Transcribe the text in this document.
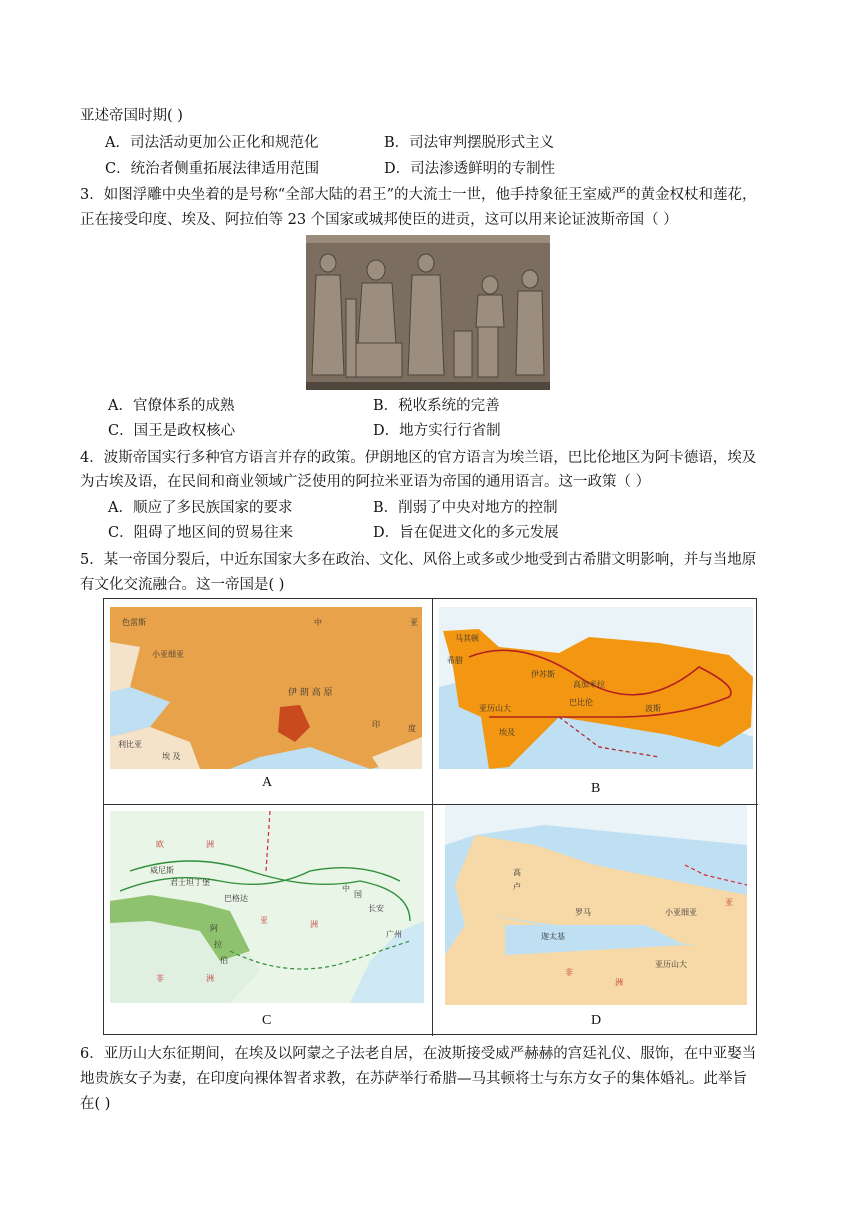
亚述帝国时期( )
A．司法活动更加公正化和规范化	B．司法审判摆脱形式主义
C．统治者侧重拓展法律适用范围	D．司法渗透鲜明的专制性
3．如图浮雕中央坐着的是号称“全部大陆的君王”的大流士一世，他手持象征王室威严的黄金权杖和莲花，
正在接受印度、埃及、阿拉伯等 23 个国家或城邦使臣的进贡，这可以用来论证波斯帝国（ ）
A．官僚体系的成熟	B．税收系统的完善
C．国王是政权核心	D．地方实行行省制
4．波斯帝国实行多种官方语言并存的政策。伊朗地区的官方语言为埃兰语，巴比伦地区为阿卡德语，埃及
为古埃及语，在民间和商业领域广泛使用的阿拉米亚语为帝国的通用语言。这一政策（ ）
A．顺应了多民族国家的要求	B．削弱了中央对地方的控制
C．阻碍了地区间的贸易往来	D．旨在促进文化的多元发展
5．某一帝国分裂后，中近东国家大多在政治、文化、风俗上或多或少地受到古希腊文明影响，并与当地原
有文化交流融合。这一帝国是( )
色雷斯
小亚细亚
中	亚
伊 朗 高 原
利比亚
埃 及
印	度
A
马其顿
希腊
伊苏斯
高加米拉
巴比伦
亚历山大
埃及
波斯
B
欧	洲
威尼斯
君士坦丁堡
巴格达
阿
拉
伯
亚	洲
中
国
长安
非	洲
广州
C
高
卢
罗马
迦太基
小亚细亚
亚
非
洲
亚历山大
D
6．亚历山大东征期间，在埃及以阿蒙之子法老自居，在波斯接受威严赫赫的宫廷礼仪、服饰，在中亚娶当
地贵族女子为妻，在印度向裸体智者求教，在苏萨举行希腊—马其顿将士与东方女子的集体婚礼。此举旨
在( )
